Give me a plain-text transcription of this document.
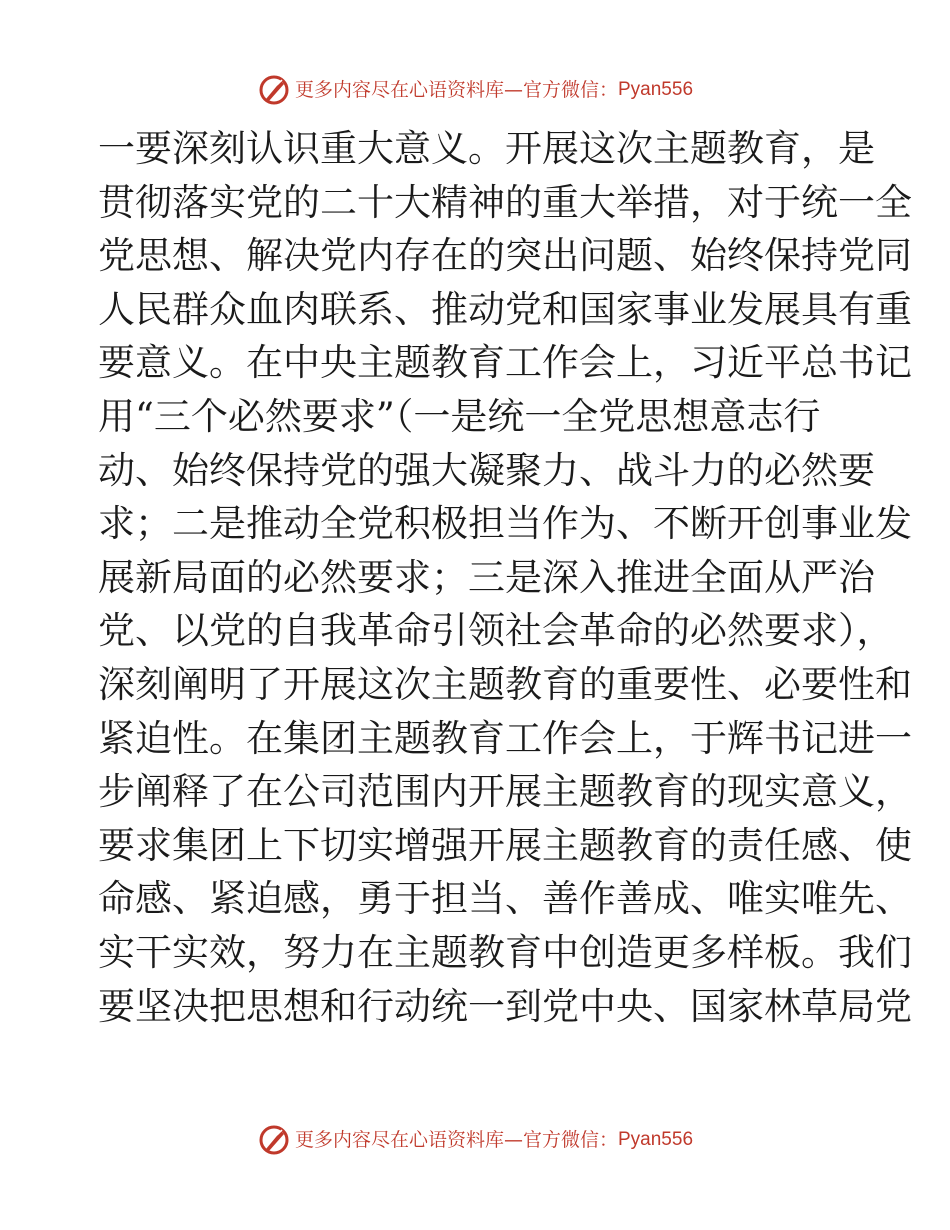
更多内容尽在心语资料库—官方微信： Pyan556
一要深刻认识重大意义。开展这次主题教育，是
贯彻落实党的二十大精神的重大举措，对于统一全
党思想、解决党内存在的突出问题、始终保持党同
人民群众血肉联系、推动党和国家事业发展具有重
要意义。在中央主题教育工作会上，习近平总书记
用“三个必然要求”（一是统一全党思想意志行
动、始终保持党的强大凝聚力、战斗力的必然要
求；二是推动全党积极担当作为、不断开创事业发
展新局面的必然要求；三是深入推进全面从严治
党、以党的自我革命引领社会革命的必然要求），
深刻阐明了开展这次主题教育的重要性、必要性和
紧迫性。在集团主题教育工作会上，于辉书记进一
步阐释了在公司范围内开展主题教育的现实意义，
要求集团上下切实增强开展主题教育的责任感、使
命感、紧迫感，勇于担当、善作善成、唯实唯先、
实干实效，努力在主题教育中创造更多样板。我们
要坚决把思想和行动统一到党中央、国家林草局党
更多内容尽在心语资料库—官方微信： Pyan556
